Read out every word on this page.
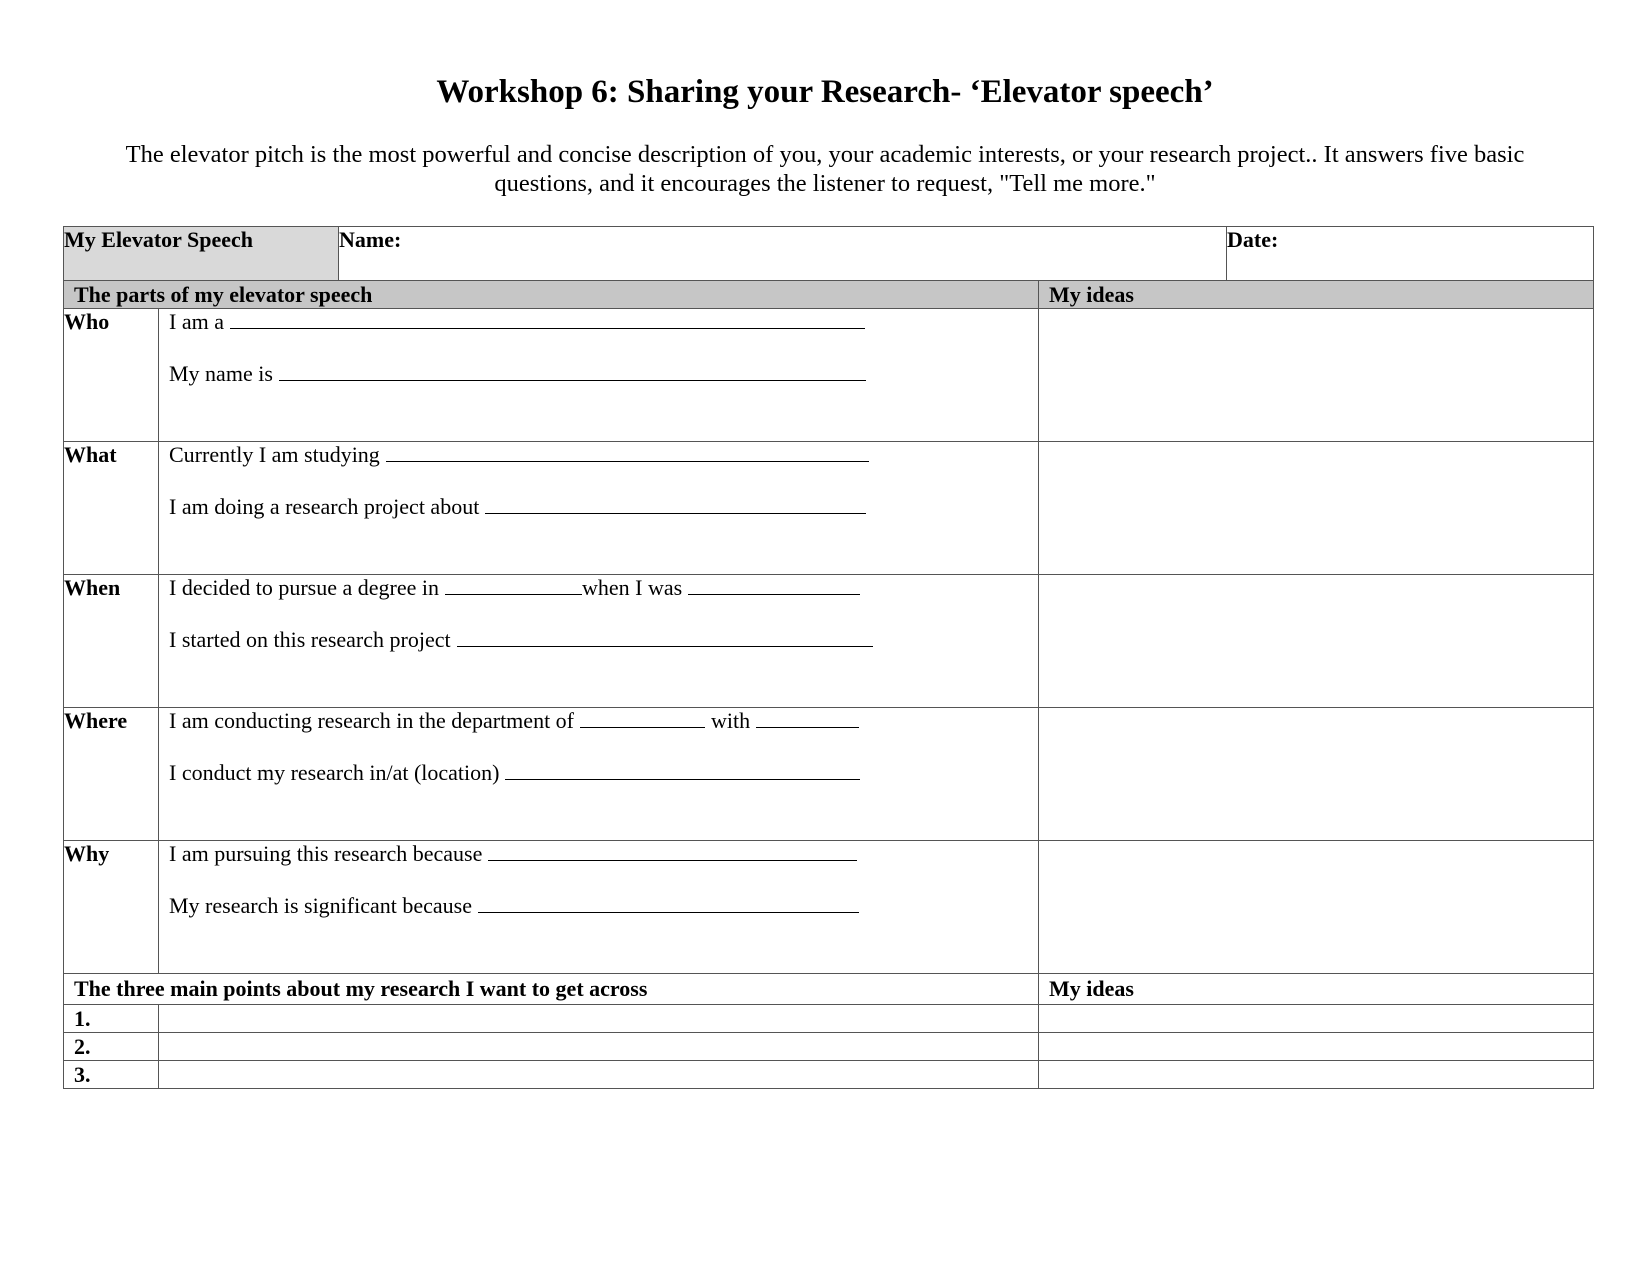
Workshop 6: Sharing your Research- ‘Elevator speech’
The elevator pitch is the most powerful and concise description of you, your academic interests, or your research project.. It answers five basic questions, and it encourages the listener to request, "Tell me more."
My Elevator Speech		Name:		Date:
The parts of my elevator speech			My ideas	
Who	I am a
My name is			

What	Currently I am studying
I am doing a research project about			

When	I decided to pursue a degree in when I was
I started on this research project			

Where	I am conducting research in the department of with
I conduct my research in/at (location)			

Why	I am pursuing this research because
My research is significant because			

The three main points about my research I want to get across			My ideas	
1.				
2.				
3.				
